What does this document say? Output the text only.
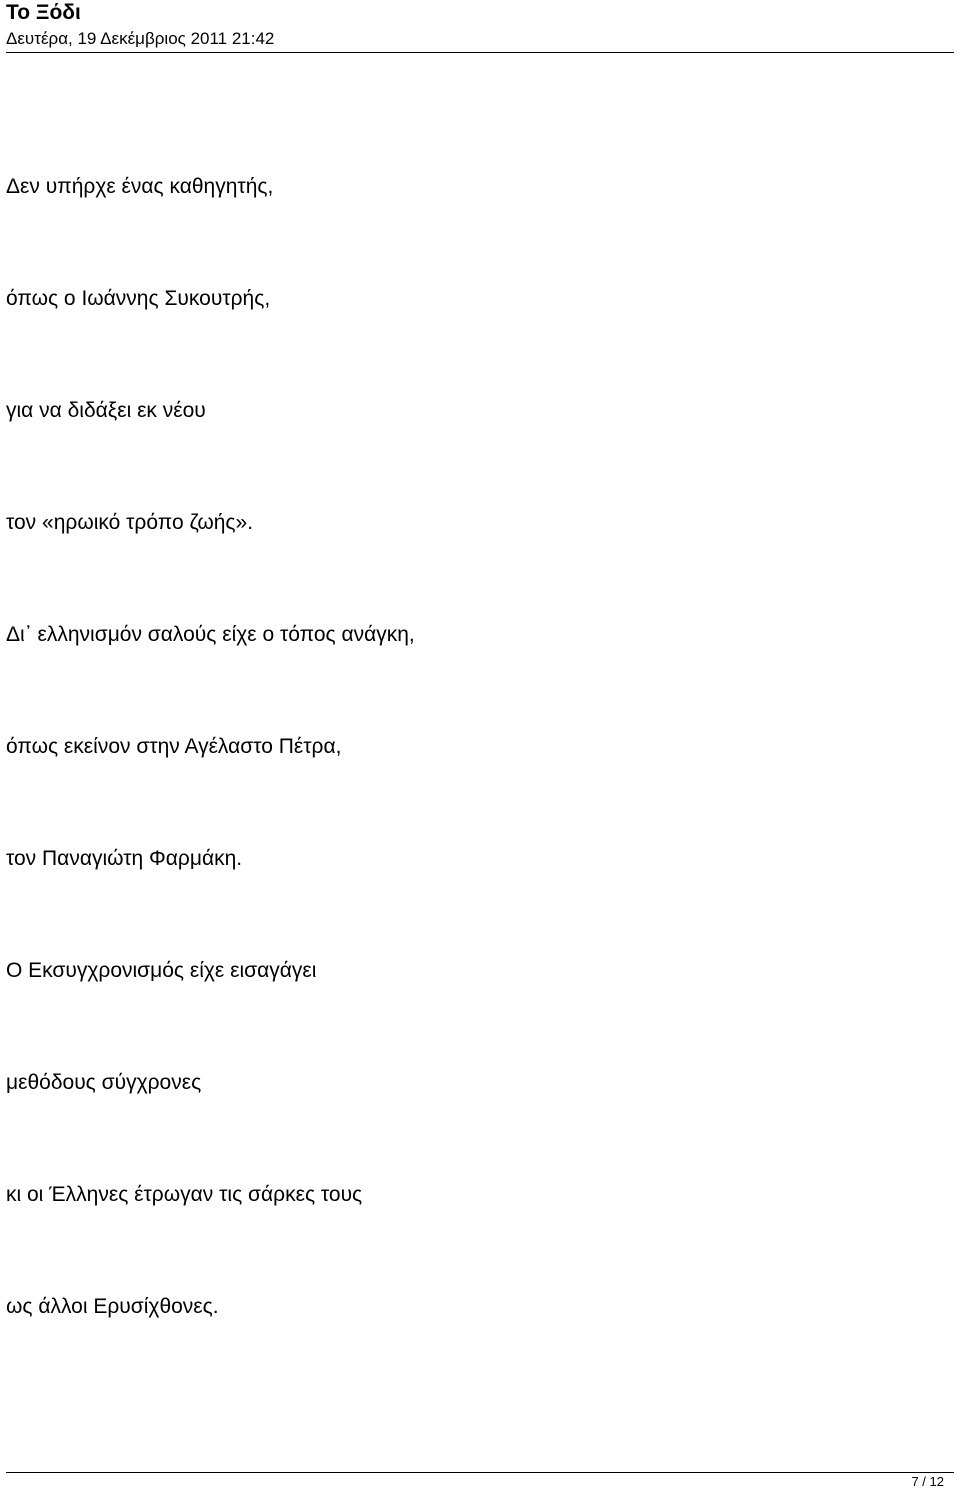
Το Ξόδι
Δευτέρα, 19 Δεκέμβριος 2011 21:42
Δεν υπήρχε ένας καθηγητής,
όπως ο Ιωάννης Συκουτρής,
για να διδάξει εκ νέου
τον «ηρωικό τρόπο ζωής».
Δι᾽ ελληνισμόν σαλούς είχε ο τόπος ανάγκη,
όπως εκείνον στην Αγέλαστο Πέτρα,
τον Παναγιώτη Φαρμάκη.
Ο Εκσυγχρονισμός είχε εισαγάγει
μεθόδους σύγχρονες
κι οι Έλληνες έτρωγαν τις σάρκες τους
ως άλλοι Ερυσίχθονες.
7 / 12
